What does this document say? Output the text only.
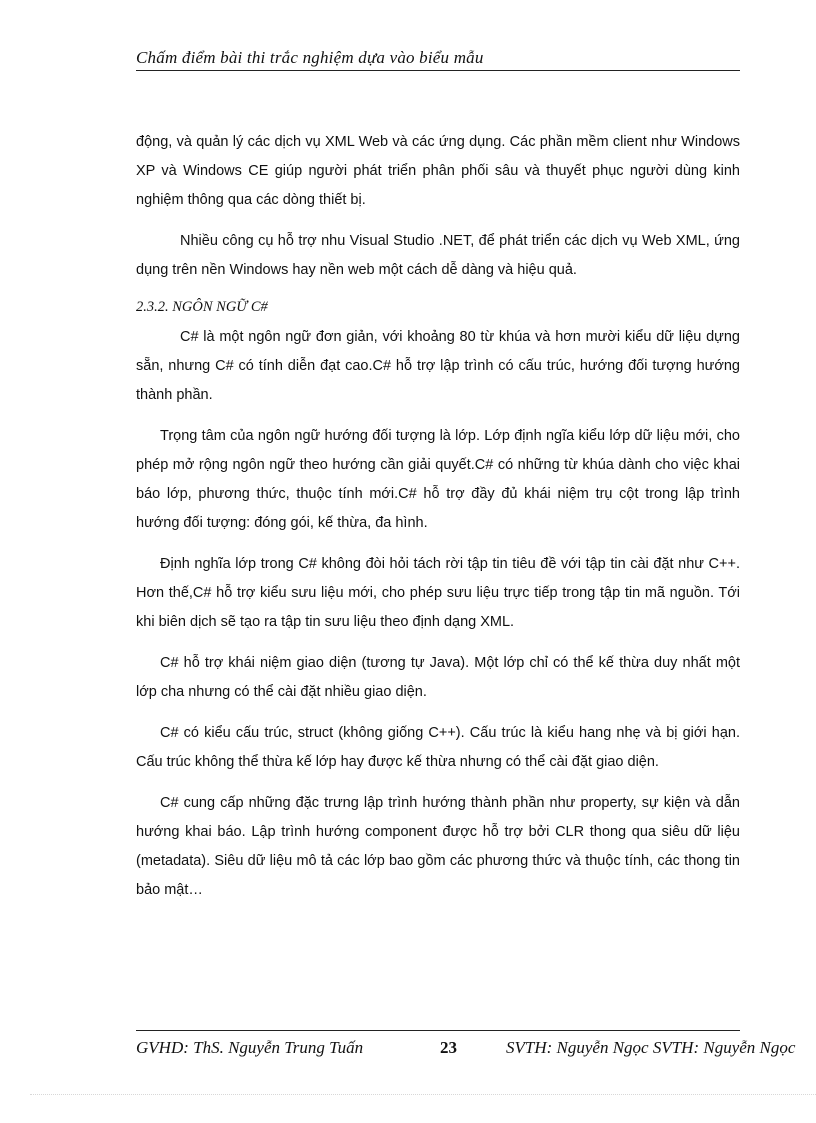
Chấm điểm bài thi trắc nghiệm dựa vào biểu mẫu

động, và quản lý các dịch vụ XML Web và các ứng dụng. Các phần mềm client như Windows XP và Windows CE giúp người phát triển phân phối sâu và thuyết phục người dùng kinh nghiệm thông qua các dòng thiết bị.

Nhiều công cụ hỗ trợ nhu Visual Studio .NET, để phát triển các dịch vụ Web XML, ứng dụng trên nền Windows hay nền web một cách dễ dàng và hiệu quả.

2.3.2. NGÔN NGỮ C#

C# là một ngôn ngữ đơn giản, với khoảng 80 từ khúa và hơn mười kiểu dữ liệu dựng sẵn, nhưng C# có tính diễn đạt cao.C# hỗ trợ lập trình có cấu trúc, hướng đối tượng hướng thành phần.

Trọng tâm của ngôn ngữ hướng đối tượng là lớp. Lớp định ngĩa kiểu lớp dữ liệu mới, cho phép mở rộng ngôn ngữ theo hướng cần giải quyết.C# có những từ khúa dành cho việc khai báo lớp, phương thức, thuộc tính mới.C# hỗ trợ đầy đủ khái niệm trụ cột trong lập trình hướng đối tượng: đóng gói, kế thừa, đa hình.

Định nghĩa lớp trong C# không đòi hỏi tách rời tập tin tiêu đề với tập tin cài đặt như C++. Hơn thế,C# hỗ trợ kiểu sưu liệu mới, cho phép sưu liệu trực tiếp trong tập tin mã nguồn. Tới khi biên dịch sẽ tạo ra tập tin sưu liệu theo định dạng XML.

C# hỗ trợ khái niệm giao diện (tương tự Java). Một lớp chỉ có thể kế thừa duy nhất một lớp cha nhưng có thể cài đặt nhiều giao diện.

C# có kiểu cấu trúc, struct (không giống C++). Cấu trúc là kiểu hang nhẹ và bị giới hạn. Cấu trúc không thể thừa kế lớp hay được kế thừa nhưng có thể cài đặt giao diện.

C# cung cấp những đặc trưng lập trình hướng thành phần như property, sự kiện và dẫn hướng khai báo. Lập trình hướng component được hỗ trợ bởi CLR thong qua siêu dữ liệu (metadata). Siêu dữ liệu mô tả các lớp bao gồm các phương thức và thuộc tính, các thong tin bảo mật…

GVHD: ThS. Nguyễn Trung Tuấn	23	SVTH: Nguyễn Ngọc SVTH: Nguyễn Ngọc
